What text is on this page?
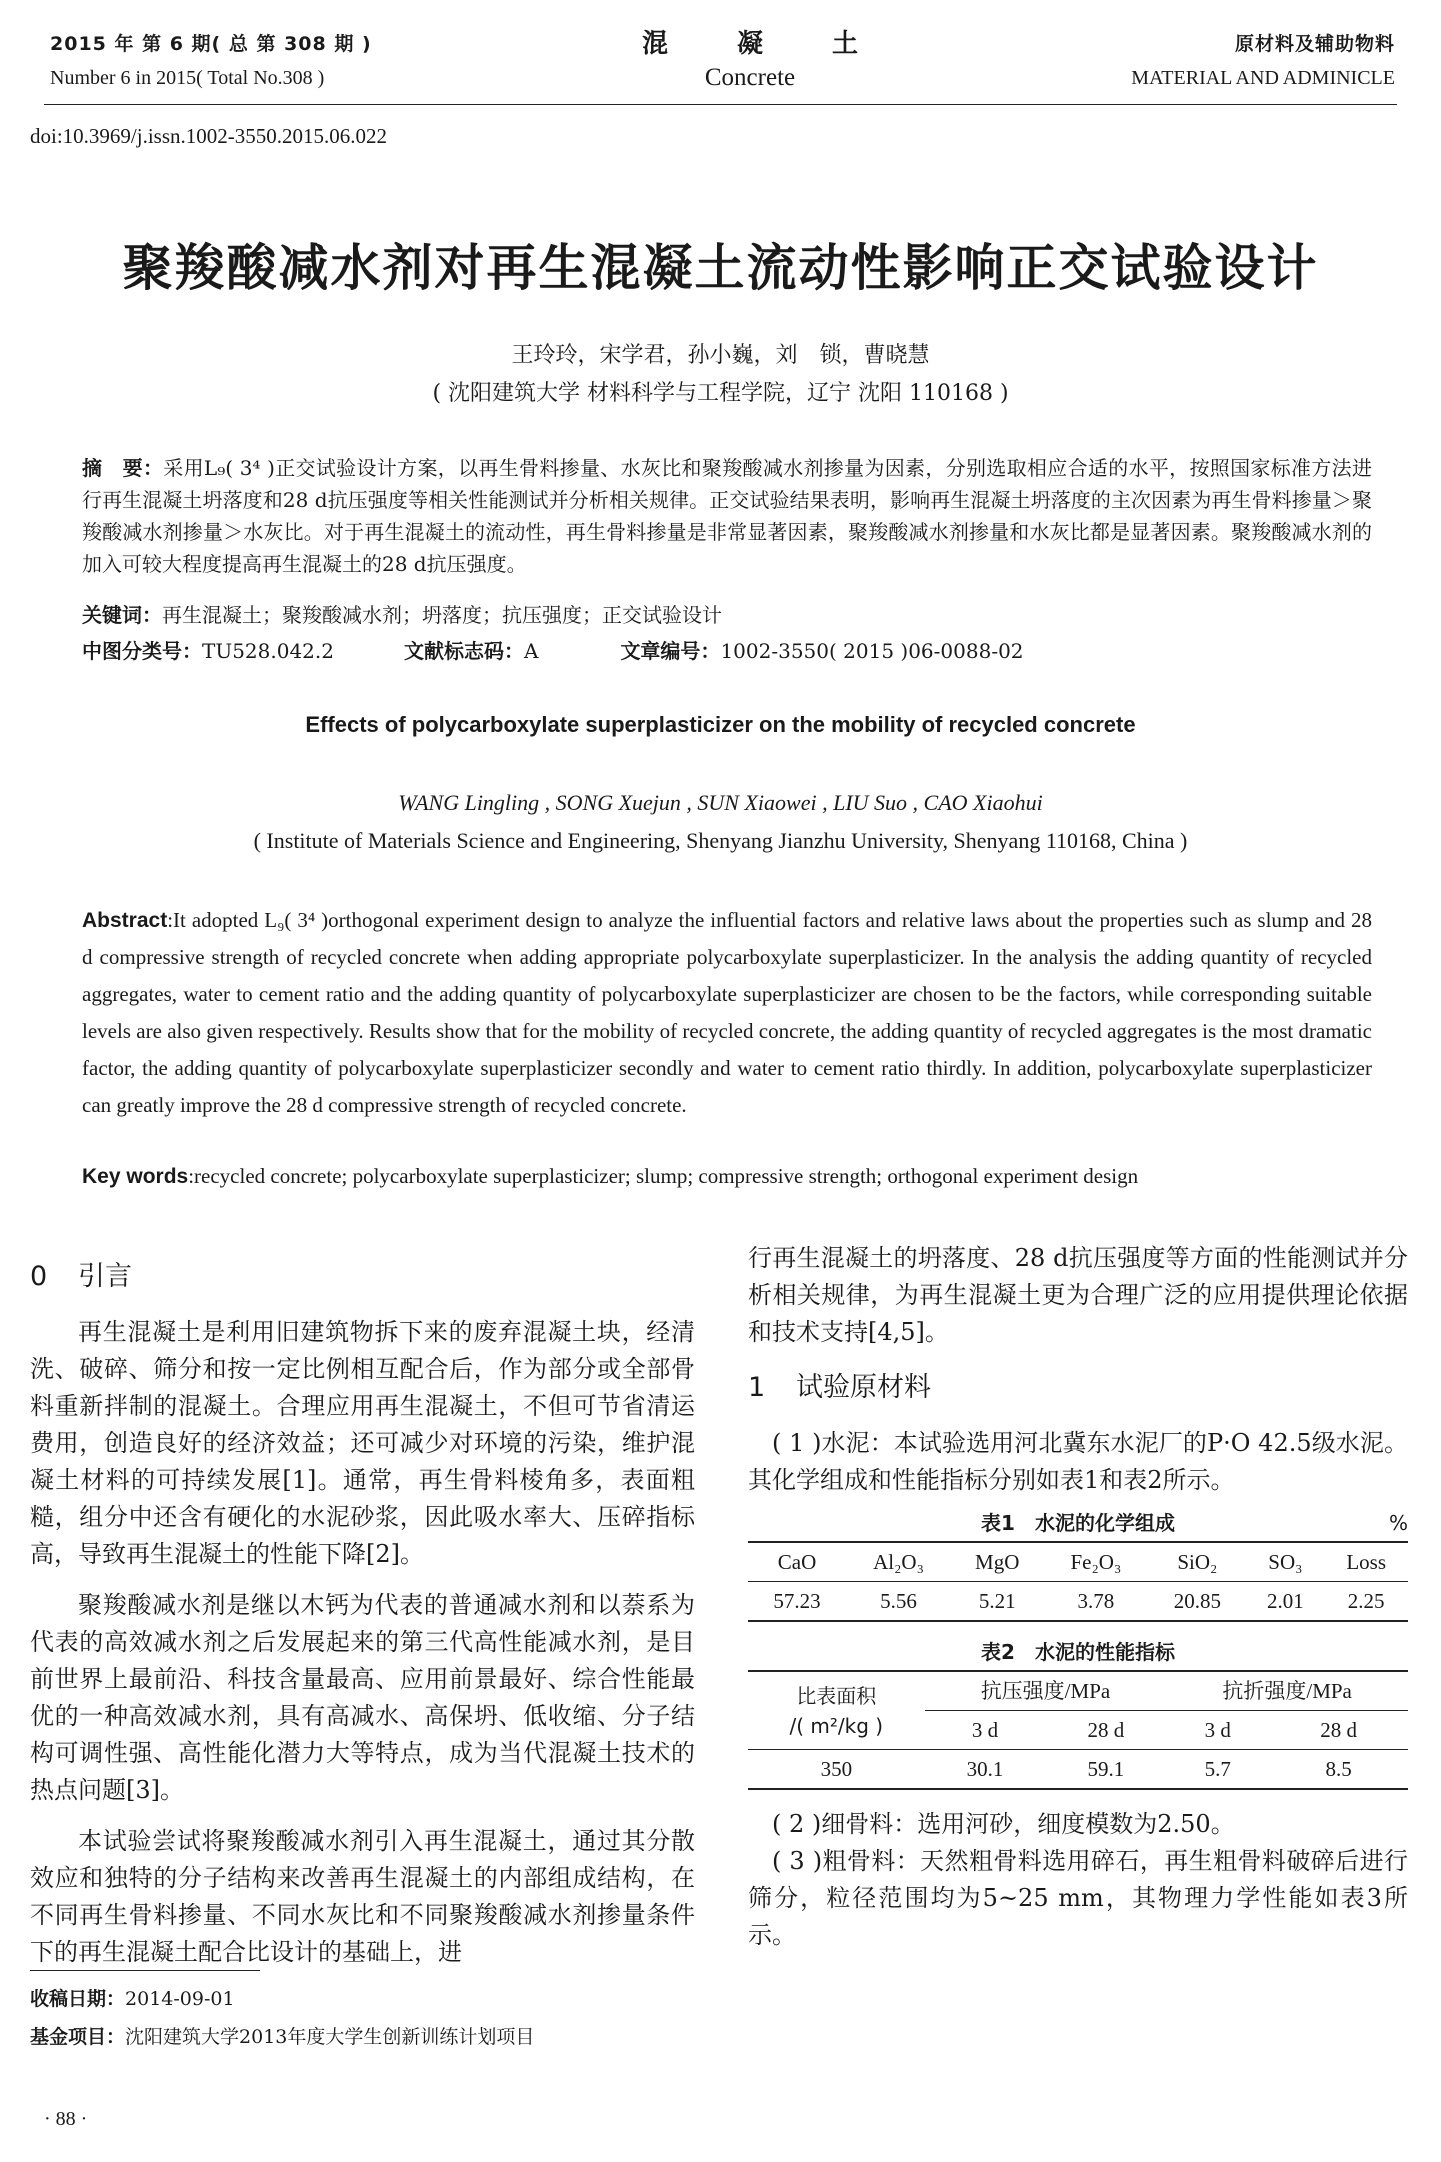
2015 年 第 6 期( 总 第 308 期 )
Number 6 in 2015( Total No.308 )
混 凝 土
Concrete
原材料及辅助物料
MATERIAL AND ADMINICLE
doi:10.3969/j.issn.1002-3550.2015.06.022
聚羧酸减水剂对再生混凝土流动性影响正交试验设计
王玲玲，宋学君，孙小巍，刘　锁，曹晓慧
( 沈阳建筑大学 材料科学与工程学院，辽宁 沈阳 110168 )
摘　要：采用L₉( 3⁴ )正交试验设计方案，以再生骨料掺量、水灰比和聚羧酸减水剂掺量为因素，分别选取相应合适的水平，按照国家标准方法进行再生混凝土坍落度和28 d抗压强度等相关性能测试并分析相关规律。正交试验结果表明，影响再生混凝土坍落度的主次因素为再生骨料掺量＞聚羧酸减水剂掺量＞水灰比。对于再生混凝土的流动性，再生骨料掺量是非常显著因素，聚羧酸减水剂掺量和水灰比都是显著因素。聚羧酸减水剂的加入可较大程度提高再生混凝土的28 d抗压强度。
关键词：再生混凝土；聚羧酸减水剂；坍落度；抗压强度；正交试验设计
中图分类号：TU528.042.2	文献标志码：A	文章编号：1002-3550( 2015 )06-0088-02
Effects of polycarboxylate superplasticizer on the mobility of recycled concrete
WANG Lingling , SONG Xuejun , SUN Xiaowei , LIU Suo , CAO Xiaohui
( Institute of Materials Science and Engineering, Shenyang Jianzhu University, Shenyang 110168, China )
Abstract:It adopted L₉( 3⁴ )orthogonal experiment design to analyze the influential factors and relative laws about the properties such as slump and 28 d compressive strength of recycled concrete when adding appropriate polycarboxylate superplasticizer. In the analysis the adding quantity of recycled aggregates, water to cement ratio and the adding quantity of polycarboxylate superplasticizer are chosen to be the factors, while corresponding suitable levels are also given respectively. Results show that for the mobility of recycled concrete, the adding quantity of recycled aggregates is the most dramatic factor, the adding quantity of polycarboxylate superplasticizer secondly and water to cement ratio thirdly. In addition, polycarboxylate superplasticizer can greatly improve the 28 d compressive strength of recycled concrete.
Key words:recycled concrete; polycarboxylate superplasticizer; slump; compressive strength; orthogonal experiment design
0 引言
再生混凝土是利用旧建筑物拆下来的废弃混凝土块，经清洗、破碎、筛分和按一定比例相互配合后，作为部分或全部骨料重新拌制的混凝土。合理应用再生混凝土，不但可节省清运费用，创造良好的经济效益；还可减少对环境的污染，维护混凝土材料的可持续发展[1]。通常，再生骨料棱角多，表面粗糙，组分中还含有硬化的水泥砂浆，因此吸水率大、压碎指标高，导致再生混凝土的性能下降[2]。
聚羧酸减水剂是继以木钙为代表的普通减水剂和以萘系为代表的高效减水剂之后发展起来的第三代高性能减水剂，是目前世界上最前沿、科技含量最高、应用前景最好、综合性能最优的一种高效减水剂，具有高减水、高保坍、低收缩、分子结构可调性强、高性能化潜力大等特点，成为当代混凝土技术的热点问题[3]。
本试验尝试将聚羧酸减水剂引入再生混凝土，通过其分散效应和独特的分子结构来改善再生混凝土的内部组成结构，在不同再生骨料掺量、不同水灰比和不同聚羧酸减水剂掺量条件下的再生混凝土配合比设计的基础上，进
行再生混凝土的坍落度、28 d抗压强度等方面的性能测试并分析相关规律，为再生混凝土更为合理广泛的应用提供理论依据和技术支持[4,5]。
1 试验原材料
( 1 )水泥：本试验选用河北冀东水泥厂的P·O 42.5级水泥。其化学组成和性能指标分别如表1和表2所示。
表1　水泥的化学组成	%
CaO	Al₂O₃	MgO	Fe₂O₃	SiO₂	SO₃	Loss
57.23	5.56	5.21	3.78	20.85	2.01	2.25
表2　水泥的性能指标
比表面积
/( m²/kg )	抗压强度/MPa		抗折强度/MPa	
	3 d	28 d	3 d	28 d
350	30.1	59.1	5.7	8.5
( 2 )细骨料：选用河砂，细度模数为2.50。
( 3 )粗骨料：天然粗骨料选用碎石，再生粗骨料破碎后进行筛分，粒径范围均为5~25 mm，其物理力学性能如表3所示。
收稿日期：2014-09-01
基金项目：沈阳建筑大学2013年度大学生创新训练计划项目
· 88 ·
